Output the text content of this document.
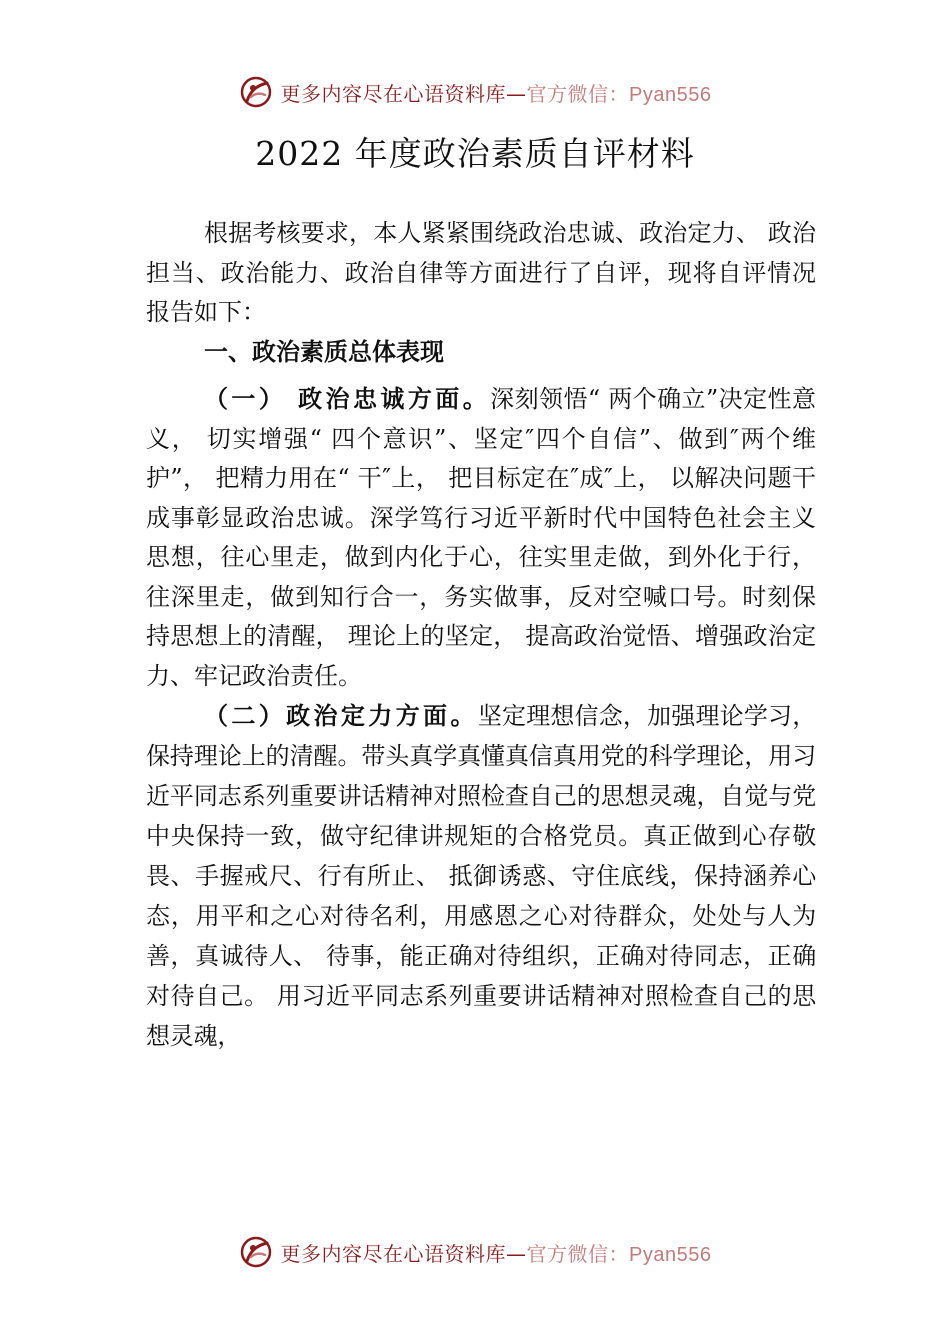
更多内容尽在心语资料库—官方微信：Pyan556
2022 年度政治素质自评材料

根据考核要求，本人紧紧围绕政治忠诚、政治定力、 政治担当、政治能力、政治自律等方面进行了自评，现将自评情况报告如下：

一、政治素质总体表现

（一） 政治忠诚方面。深刻领悟“ 两个确立”决定性意义， 切实增强“ 四个意识”、坚定″四个自信”、做到″两个维护”， 把精力用在“ 干″上， 把目标定在″成″上， 以解决问题干成事彰显政治忠诚。深学笃行习近平新时代中国特色社会主义思想，往心里走，做到内化于心，往实里走做，到外化于行，往深里走，做到知行合一，务实做事，反对空喊口号。时刻保持思想上的清醒， 理论上的坚定， 提高政治觉悟、增强政治定力、牢记政治责任。

（二）政治定力方面。坚定理想信念，加强理论学习，保持理论上的清醒。带头真学真懂真信真用党的科学理论，用习近平同志系列重要讲话精神对照检查自己的思想灵魂，自觉与党中央保持一致，做守纪律讲规矩的合格党员。真正做到心存敬畏、手握戒尺、行有所止、 抵御诱惑、守住底线，保持涵养心态，用平和之心对待名利，用感恩之心对待群众，处处与人为善，真诚待人、 待事，能正确对待组织，正确对待同志，正确对待自己。 用习近平同志系列重要讲话精神对照检查自己的思想灵魂，

更多内容尽在心语资料库—官方微信：Pyan556
